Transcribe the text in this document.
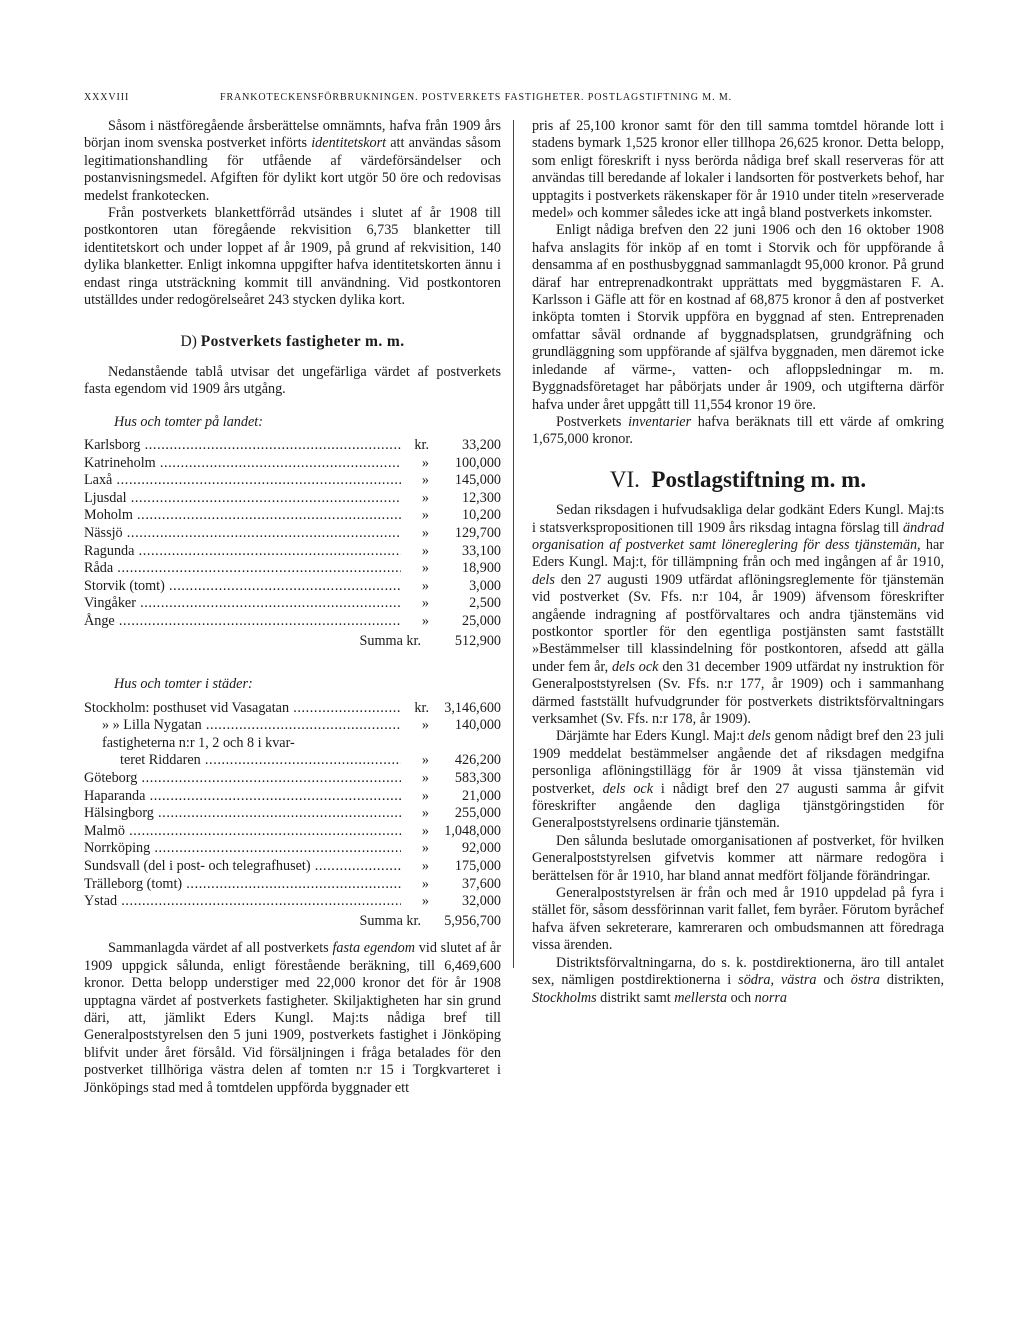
XXXVIII	FRANKOTECKENSFÖRBRUKNINGEN. POSTVERKETS FASTIGHETER. POSTLAGSTIFTNING M. M.

Såsom i nästföregående årsberättelse omnämnts, hafva från 1909 års början inom svenska postverket införts identitetskort att användas såsom legitimationshandling för utfående af värdeförsändelser och postanvisningsmedel. Afgiften för dylikt kort utgör 50 öre och redovisas medelst frankotecken.

Från postverkets blankettförråd utsändes i slutet af år 1908 till postkontoren utan föregående rekvisition 6,735 blanketter till identitetskort och under loppet af år 1909, på grund af rekvisition, 140 dylika blanketter. Enligt inkomna uppgifter hafva identitetskorten ännu i endast ringa utsträckning kommit till användning. Vid postkontoren utställdes under redogörelseåret 243 stycken dylika kort.

D) Postverkets fastigheter m. m.

Nedanstående tablå utvisar det ungefärliga värdet af postverkets fasta egendom vid 1909 års utgång.

Hus och tomter på landet:
Karlsborg .....	kr.	33,200
Katrineholm .....	»	100,000
Laxå .....	»	145,000
Ljusdal .....	»	12,300
Moholm .....	»	10,200
Nässjö .....	»	129,700
Ragunda .....	»	33,100
Råda .....	»	18,900
Storvik (tomt) .....	»	3,000
Vingåker .....	»	2,500
Ånge .....	»	25,000
Summa kr.	512,900
Hus och tomter i städer:
Stockholm: posthuset vid Vasagatan .....	kr.	3,146,600
» » Lilla Nygatan .....	»	140,000
fastigheterna n:r 1, 2 och 8 i kvar-
teret Riddaren .....	»	426,200
Göteborg .....	»	583,300
Haparanda .....	»	21,000
Hälsingborg .....	»	255,000
Malmö .....	»	1,048,000
Norrköping .....	»	92,000
Sundsvall (del i post- och telegrafhuset) .....	»	175,000
Trälleborg (tomt) .....	»	37,600
Ystad .....	»	32,000
Summa kr.	5,956,700

Sammanlagda värdet af all postverkets fasta egendom vid slutet af år 1909 uppgick sålunda, enligt förestående beräkning, till 6,469,600 kronor. Detta belopp understiger med 22,000 kronor det för år 1908 upptagna värdet af postverkets fastigheter. Skiljaktigheten har sin grund däri, att, jämlikt Eders Kungl. Maj:ts nådiga bref till Generalpoststyrelsen den 5 juni 1909, postverkets fastighet i Jönköping blifvit under året försåld. Vid försäljningen i fråga betalades för den postverket tillhöriga västra delen af tomten n:r 15 i Torgkvarteret i Jönköpings stad med å tomtdelen uppförda byggnader ett

pris af 25,100 kronor samt för den till samma tomtdel hörande lott i stadens bymark 1,525 kronor eller tillhopa 26,625 kronor. Detta belopp, som enligt föreskrift i nyss berörda nådiga bref skall reserveras för att användas till beredande af lokaler i landsorten för postverkets behof, har upptagits i postverkets räkenskaper för år 1910 under titeln »reserverade medel» och kommer således icke att ingå bland postverkets inkomster.

Enligt nådiga brefven den 22 juni 1906 och den 16 oktober 1908 hafva anslagits för inköp af en tomt i Storvik och för uppförande å densamma af en posthusbyggnad sammanlagdt 95,000 kronor. På grund däraf har entreprenadkontrakt upprättats med byggmästaren F. A. Karlsson i Gäfle att för en kostnad af 68,875 kronor å den af postverket inköpta tomten i Storvik uppföra en byggnad af sten. Entreprenaden omfattar såväl ordnande af byggnadsplatsen, grundgräfning och grundläggning som uppförande af själfva byggnaden, men däremot icke inledande af värme-, vatten- och afloppsledningar m. m. Byggnadsföretaget har påbörjats under år 1909, och utgifterna därför hafva under året uppgått till 11,554 kronor 19 öre.

Postverkets inventarier hafva beräknats till ett värde af omkring 1,675,000 kronor.

VI. Postlagstiftning m. m.

Sedan riksdagen i hufvudsakliga delar godkänt Eders Kungl. Maj:ts i statsverkspropositionen till 1909 års riksdag intagna förslag till ändrad organisation af postverket samt lönereglering för dess tjänstemän, har Eders Kungl. Maj:t, för tillämpning från och med ingången af år 1910, dels den 27 augusti 1909 utfärdat aflöningsreglemente för tjänstemän vid postverket (Sv. Ffs. n:r 104, år 1909) äfvensom föreskrifter angående indragning af postförvaltares och andra tjänstemäns vid postkontor sportler för den egentliga postjänsten samt fastställt »Bestämmelser till klassindelning för postkontoren, afsedd att gälla under fem år, dels ock den 31 december 1909 utfärdat ny instruktion för Generalpoststyrelsen (Sv. Ffs. n:r 177, år 1909) och i sammanhang därmed fastställt hufvudgrunder för postverkets distriktsförvaltningars verksamhet (Sv. Ffs. n:r 178, år 1909).

Därjämte har Eders Kungl. Maj:t dels genom nådigt bref den 23 juli 1909 meddelat bestämmelser angående det af riksdagen medgifna personliga aflöningstillägg för år 1909 åt vissa tjänstemän vid postverket, dels ock i nådigt bref den 27 augusti samma år gifvit föreskrifter angående den dagliga tjänstgöringstiden för Generalpoststyrelsens ordinarie tjänstemän.

Den sålunda beslutade omorganisationen af postverket, för hvilken Generalpoststyrelsen gifvetvis kommer att närmare redogöra i berättelsen för år 1910, har bland annat medfört följande förändringar.

Generalpoststyrelsen är från och med år 1910 uppdelad på fyra i stället för, såsom dessförinnan varit fallet, fem byråer. Förutom byråchef hafva äfven sekreterare, kamreraren och ombudsmannen att föredraga vissa ärenden.

Distriktsförvaltningarna, do s. k. postdirektionerna, äro till antalet sex, nämligen postdirektionerna i södra, västra och östra distrikten, Stockholms distrikt samt mellersta och norra
